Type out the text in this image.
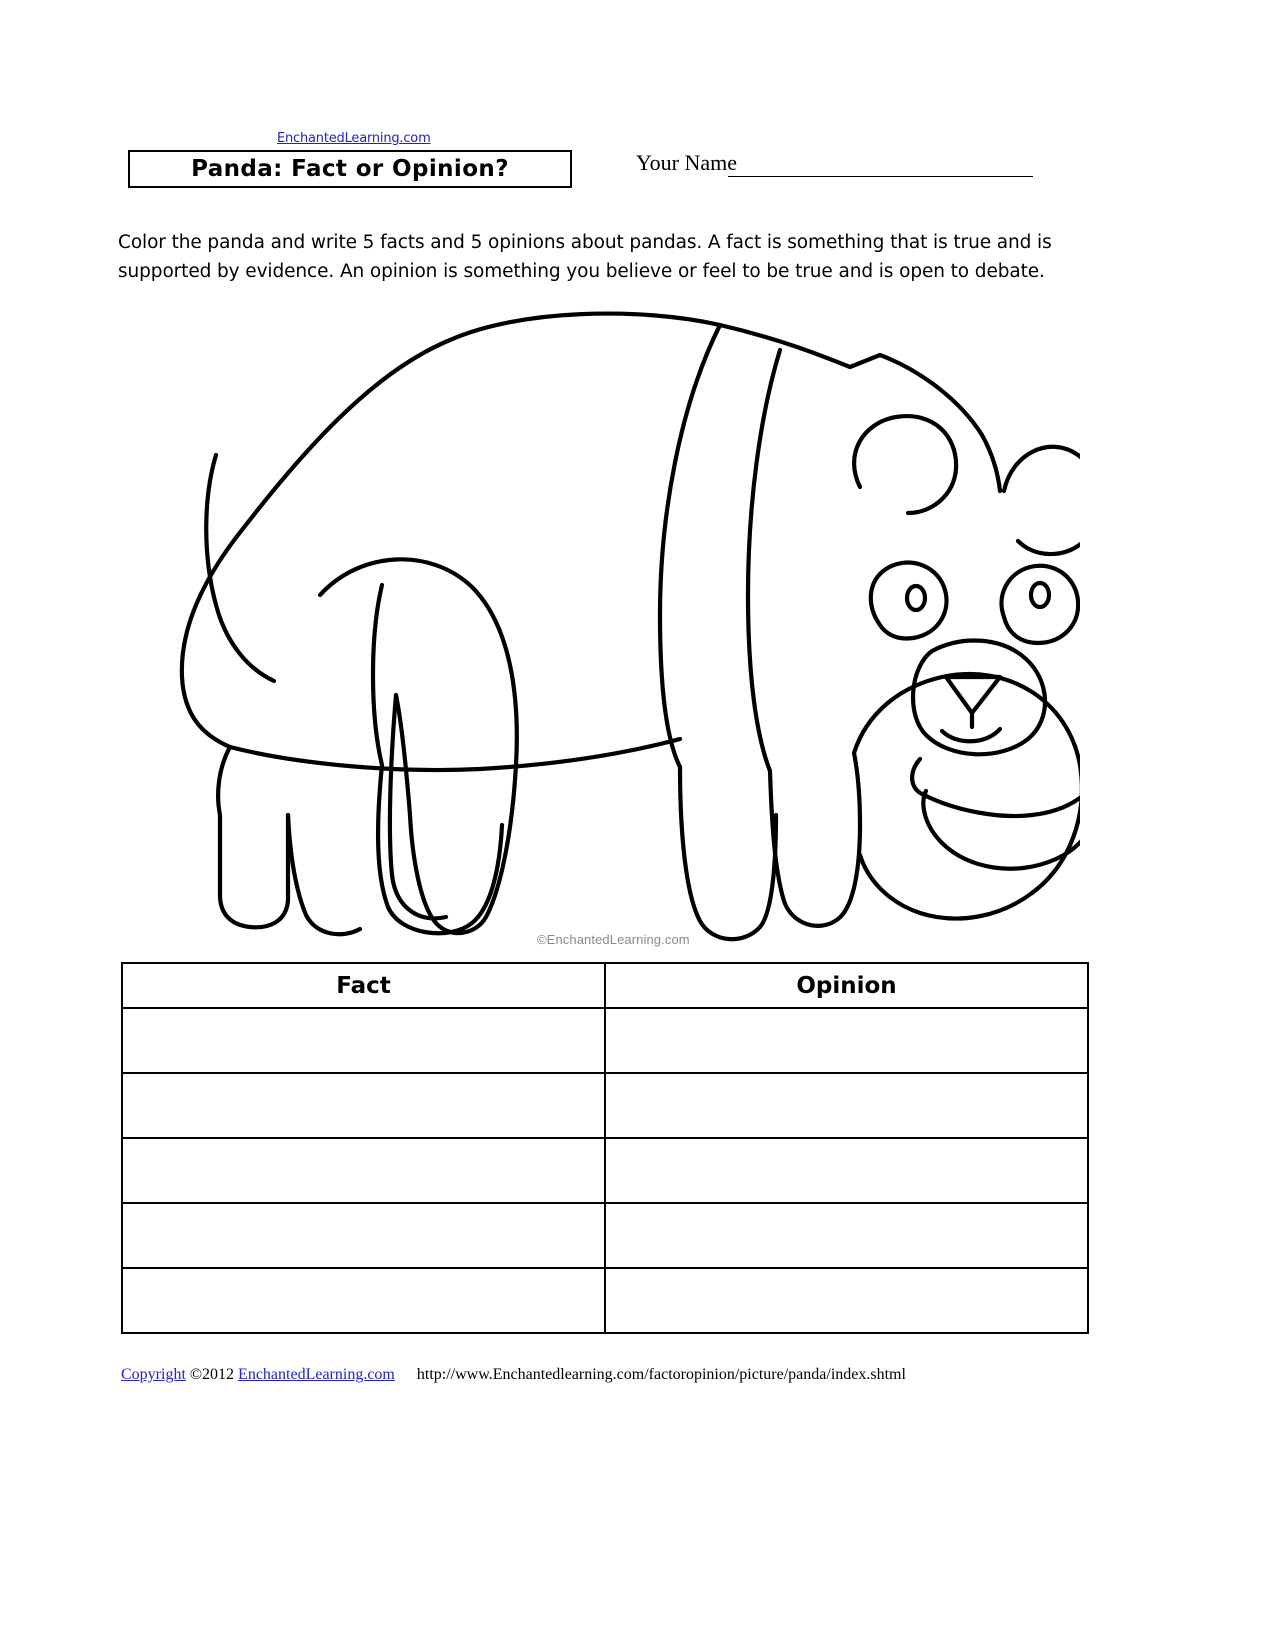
EnchantedLearning.com
Panda: Fact or Opinion?	Your Name
Color the panda and write 5 facts and 5 opinions about pandas. A fact is something that is true and is supported by evidence. An opinion is something you believe or feel to be true and is open to debate.
©EnchantedLearning.com
Fact	Opinion

Copyright ©2012 EnchantedLearning.com http://www.Enchantedlearning.com/factoropinion/picture/panda/index.shtml
